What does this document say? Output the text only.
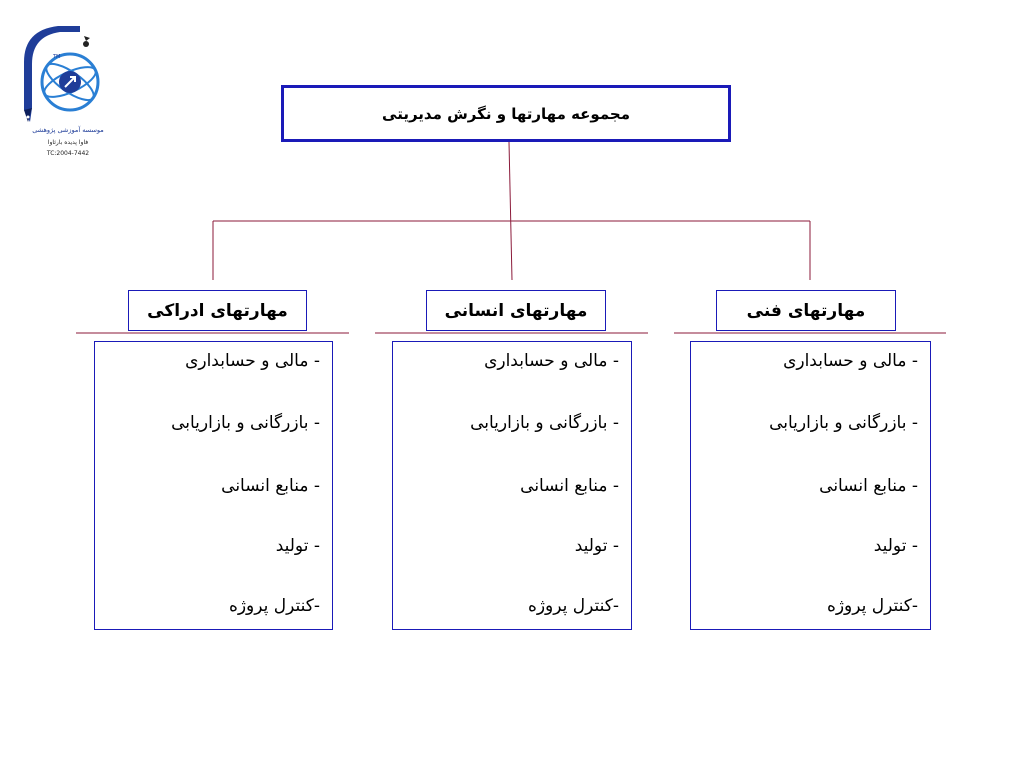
TM
موسسه آموزشی پژوهشی
فاوا پدیده بارثاوا
TC:2004-7442
مجموعه مهارتها و نگرش مدیریتی
مهارتهای ادراکی
- مالی و حسابداری
- بازرگانی و بازاریابی
- منابع انسانی
- تولید
-کنترل پروژه
مهارتهای انسانی
- مالی و حسابداری
- بازرگانی و بازاریابی
- منابع انسانی
- تولید
-کنترل پروژه
مهارتهای فنی
- مالی و حسابداری
- بازرگانی و بازاریابی
- منابع انسانی
- تولید
-کنترل پروژه
